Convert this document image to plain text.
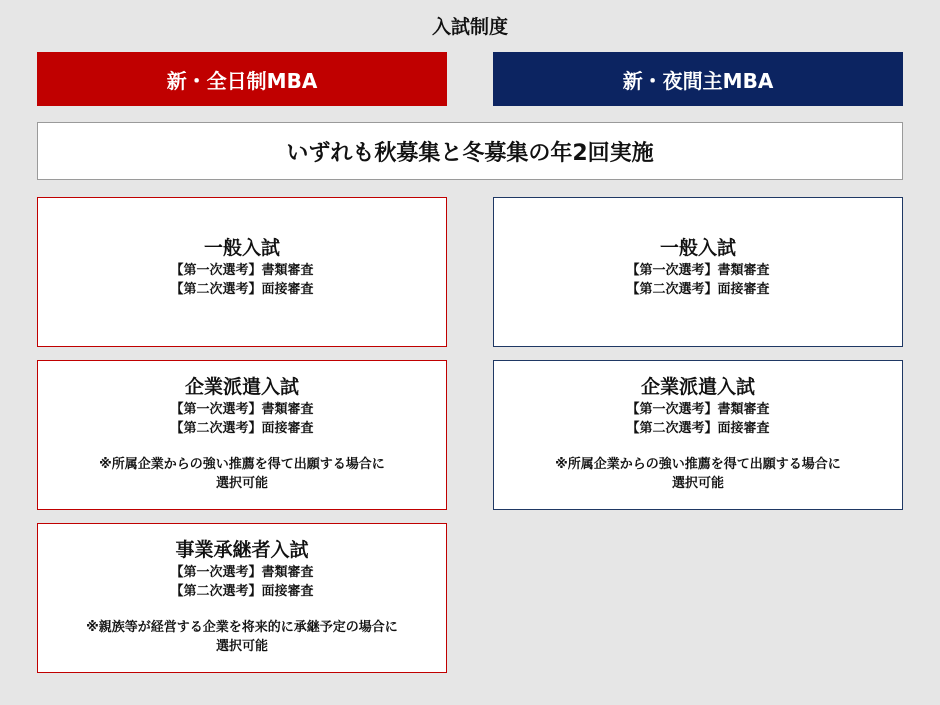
入試制度
新・全日制MBA	新・夜間主MBA
いずれも秋募集と冬募集の年2回実施
一般入試
【第一次選考】書類審査
【第二次選考】面接審査
企業派遣入試
【第一次選考】書類審査
【第二次選考】面接審査
※所属企業からの強い推薦を得て出願する場合に
選択可能
事業承継者入試
【第一次選考】書類審査
【第二次選考】面接審査
※親族等が経営する企業を将来的に承継予定の場合に
選択可能
一般入試
【第一次選考】書類審査
【第二次選考】面接審査
企業派遣入試
【第一次選考】書類審査
【第二次選考】面接審査
※所属企業からの強い推薦を得て出願する場合に
選択可能
